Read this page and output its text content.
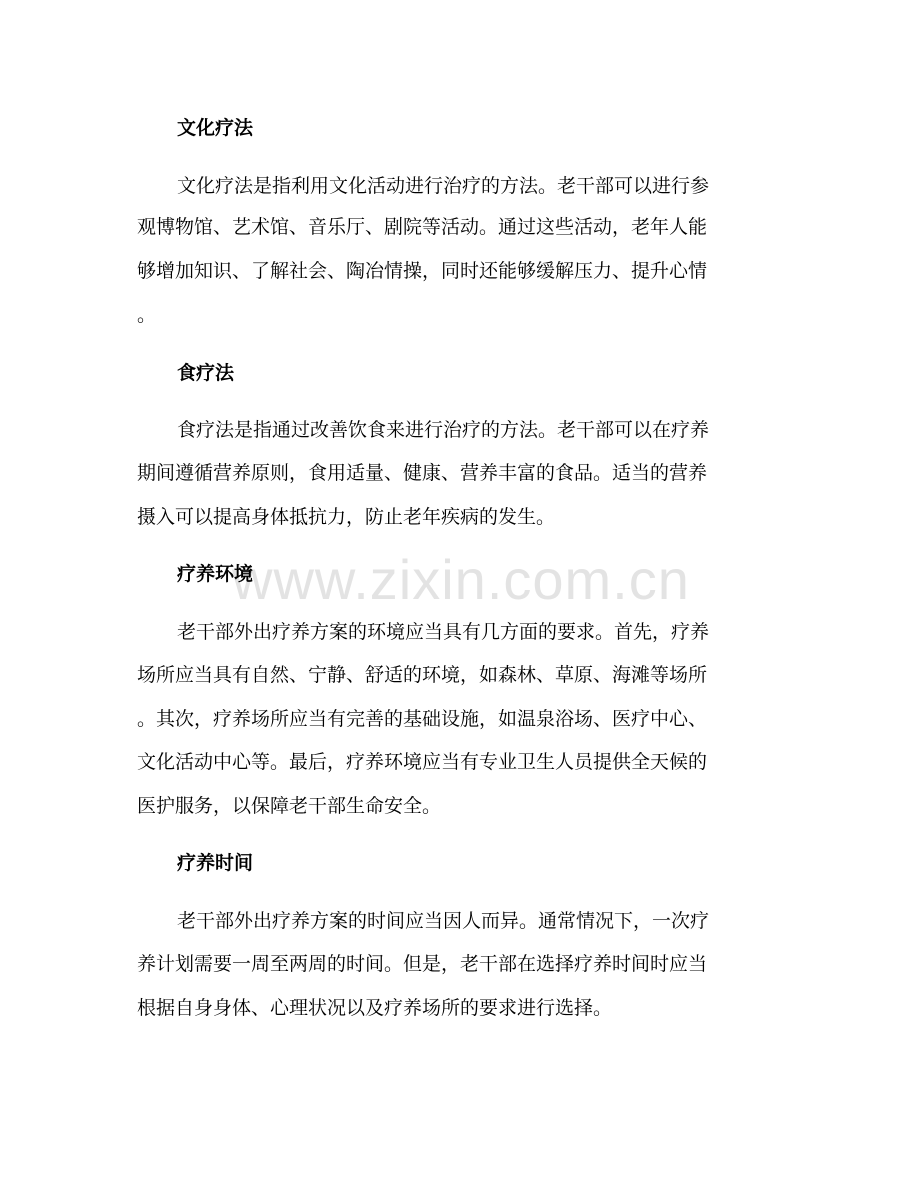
www.zixin.com.cn
文化疗法
文化疗法是指利用文化活动进行治疗的方法。老干部可以进行参
观博物馆、艺术馆、音乐厅、剧院等活动。通过这些活动，老年人能
够增加知识、了解社会、陶冶情操，同时还能够缓解压力、提升心情
。
食疗法
食疗法是指通过改善饮食来进行治疗的方法。老干部可以在疗养
期间遵循营养原则，食用适量、健康、营养丰富的食品。适当的营养
摄入可以提高身体抵抗力，防止老年疾病的发生。
疗养环境
老干部外出疗养方案的环境应当具有几方面的要求。首先，疗养
场所应当具有自然、宁静、舒适的环境，如森林、草原、海滩等场所
。其次，疗养场所应当有完善的基础设施，如温泉浴场、医疗中心、
文化活动中心等。最后，疗养环境应当有专业卫生人员提供全天候的
医护服务，以保障老干部生命安全。
疗养时间
老干部外出疗养方案的时间应当因人而异。通常情况下，一次疗
养计划需要一周至两周的时间。但是，老干部在选择疗养时间时应当
根据自身身体、心理状况以及疗养场所的要求进行选择。
